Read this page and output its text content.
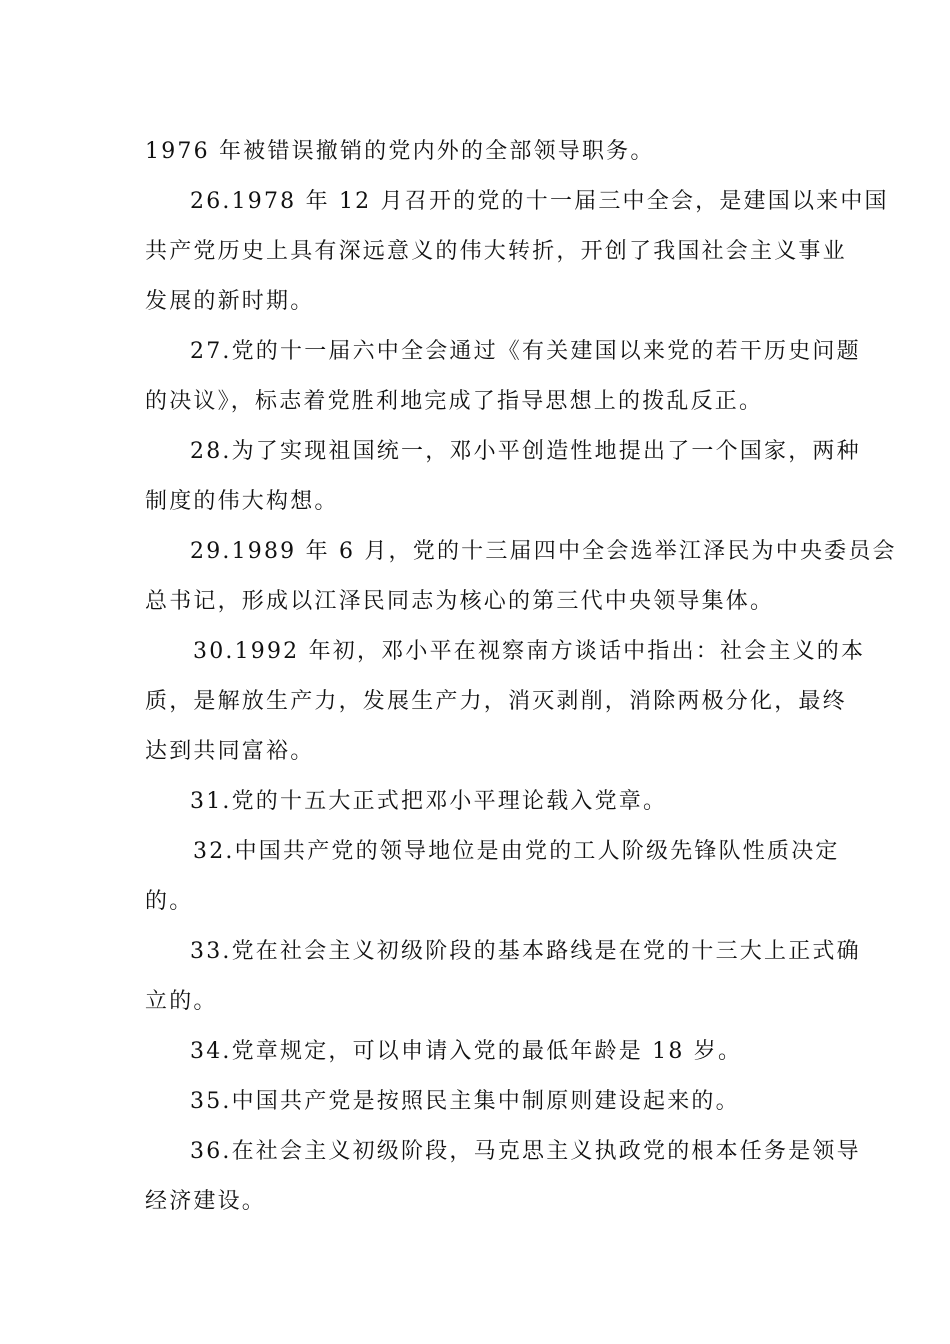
1976 年被错误撤销的党内外的全部领导职务。
26.1978 年 12 月召开的党的十一届三中全会，是建国以来中国
共产党历史上具有深远意义的伟大转折，开创了我国社会主义事业
发展的新时期。
27.党的十一届六中全会通过《有关建国以来党的若干历史问题
的决议》，标志着党胜利地完成了指导思想上的拨乱反正。
28.为了实现祖国统一，邓小平创造性地提出了一个国家，两种
制度的伟大构想。
29.1989 年 6 月，党的十三届四中全会选举江泽民为中央委员会
总书记，形成以江泽民同志为核心的第三代中央领导集体。
30.1992 年初，邓小平在视察南方谈话中指出：社会主义的本
质，是解放生产力，发展生产力，消灭剥削，消除两极分化，最终
达到共同富裕。
31.党的十五大正式把邓小平理论载入党章。
32.中国共产党的领导地位是由党的工人阶级先锋队性质决定
的。
33.党在社会主义初级阶段的基本路线是在党的十三大上正式确
立的。
34.党章规定，可以申请入党的最低年龄是 18 岁。
35.中国共产党是按照民主集中制原则建设起来的。
36.在社会主义初级阶段，马克思主义执政党的根本任务是领导
经济建设。
